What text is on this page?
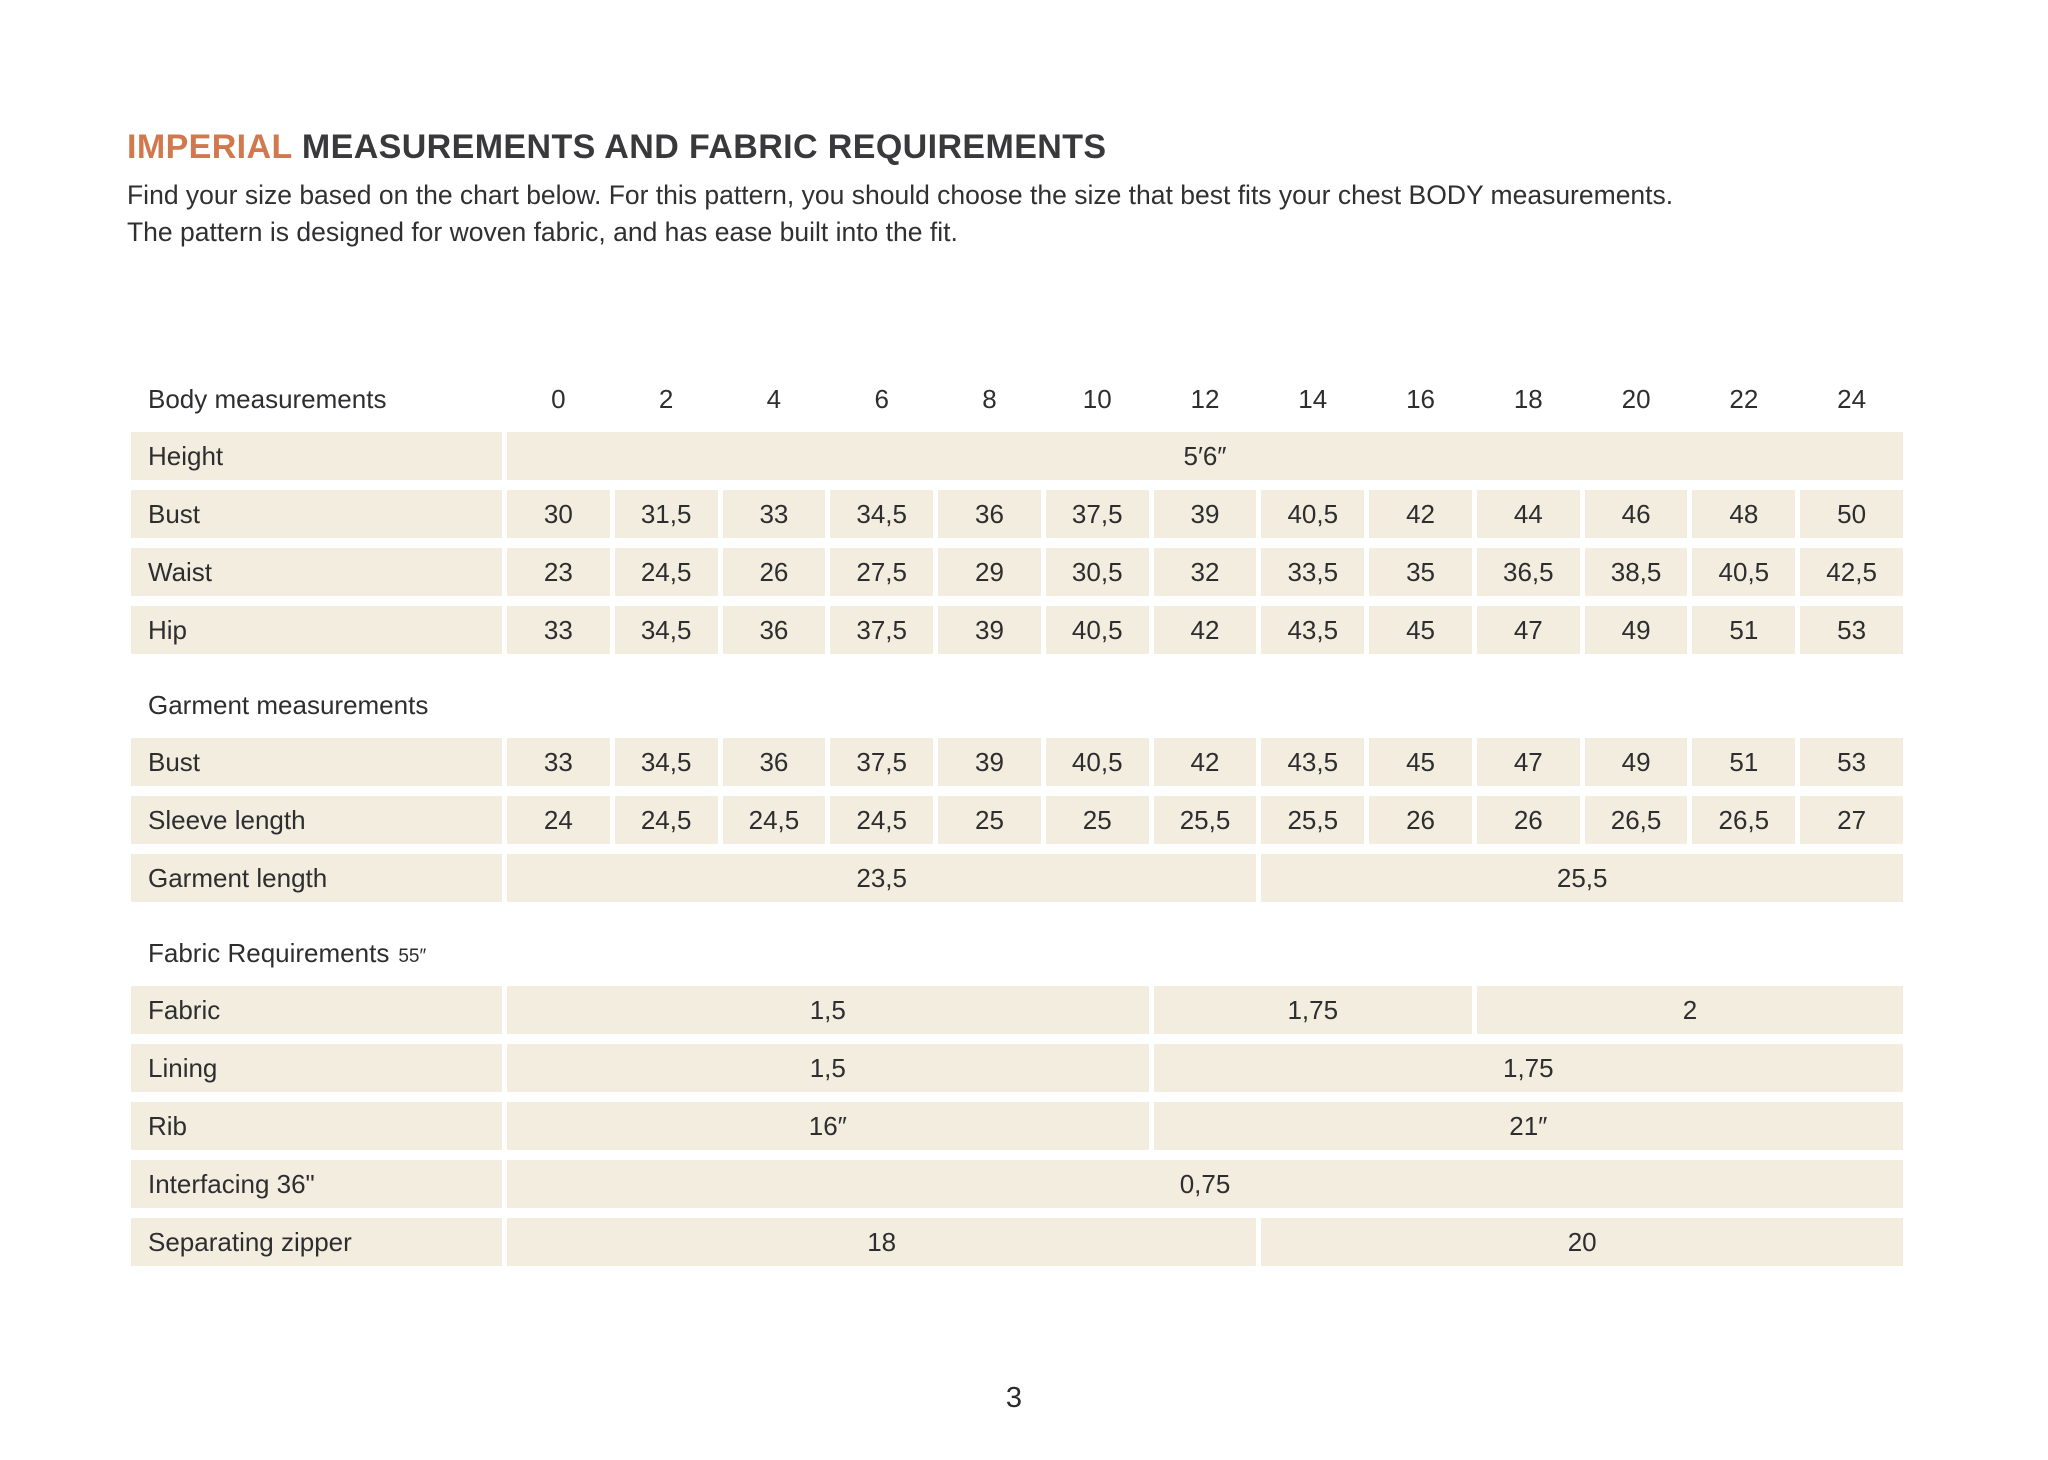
IMPERIAL MEASUREMENTS AND FABRIC REQUIREMENTS
Find your size based on the chart below. For this pattern, you should choose the size that best fits your chest BODY measurements.
The pattern is designed for woven fabric, and has ease built into the fit.
Body measurements	0	2	4	6	8	10	12	14	16	18	20	22	24
Height	5′6″
Bust	30	31,5	33	34,5	36	37,5	39	40,5	42	44	46	48	50
Waist	23	24,5	26	27,5	29	30,5	32	33,5	35	36,5	38,5	40,5	42,5
Hip	33	34,5	36	37,5	39	40,5	42	43,5	45	47	49	51	53
Garment measurements
Bust	33	34,5	36	37,5	39	40,5	42	43,5	45	47	49	51	53
Sleeve length	24	24,5	24,5	24,5	25	25	25,5	25,5	26	26	26,5	26,5	27
Garment length	23,5	25,5
Fabric Requirements 55″
Fabric	1,5	1,75	2
Lining	1,5	1,75
Rib	16″	21″
Interfacing 36"	0,75
Separating zipper	18	20
3
